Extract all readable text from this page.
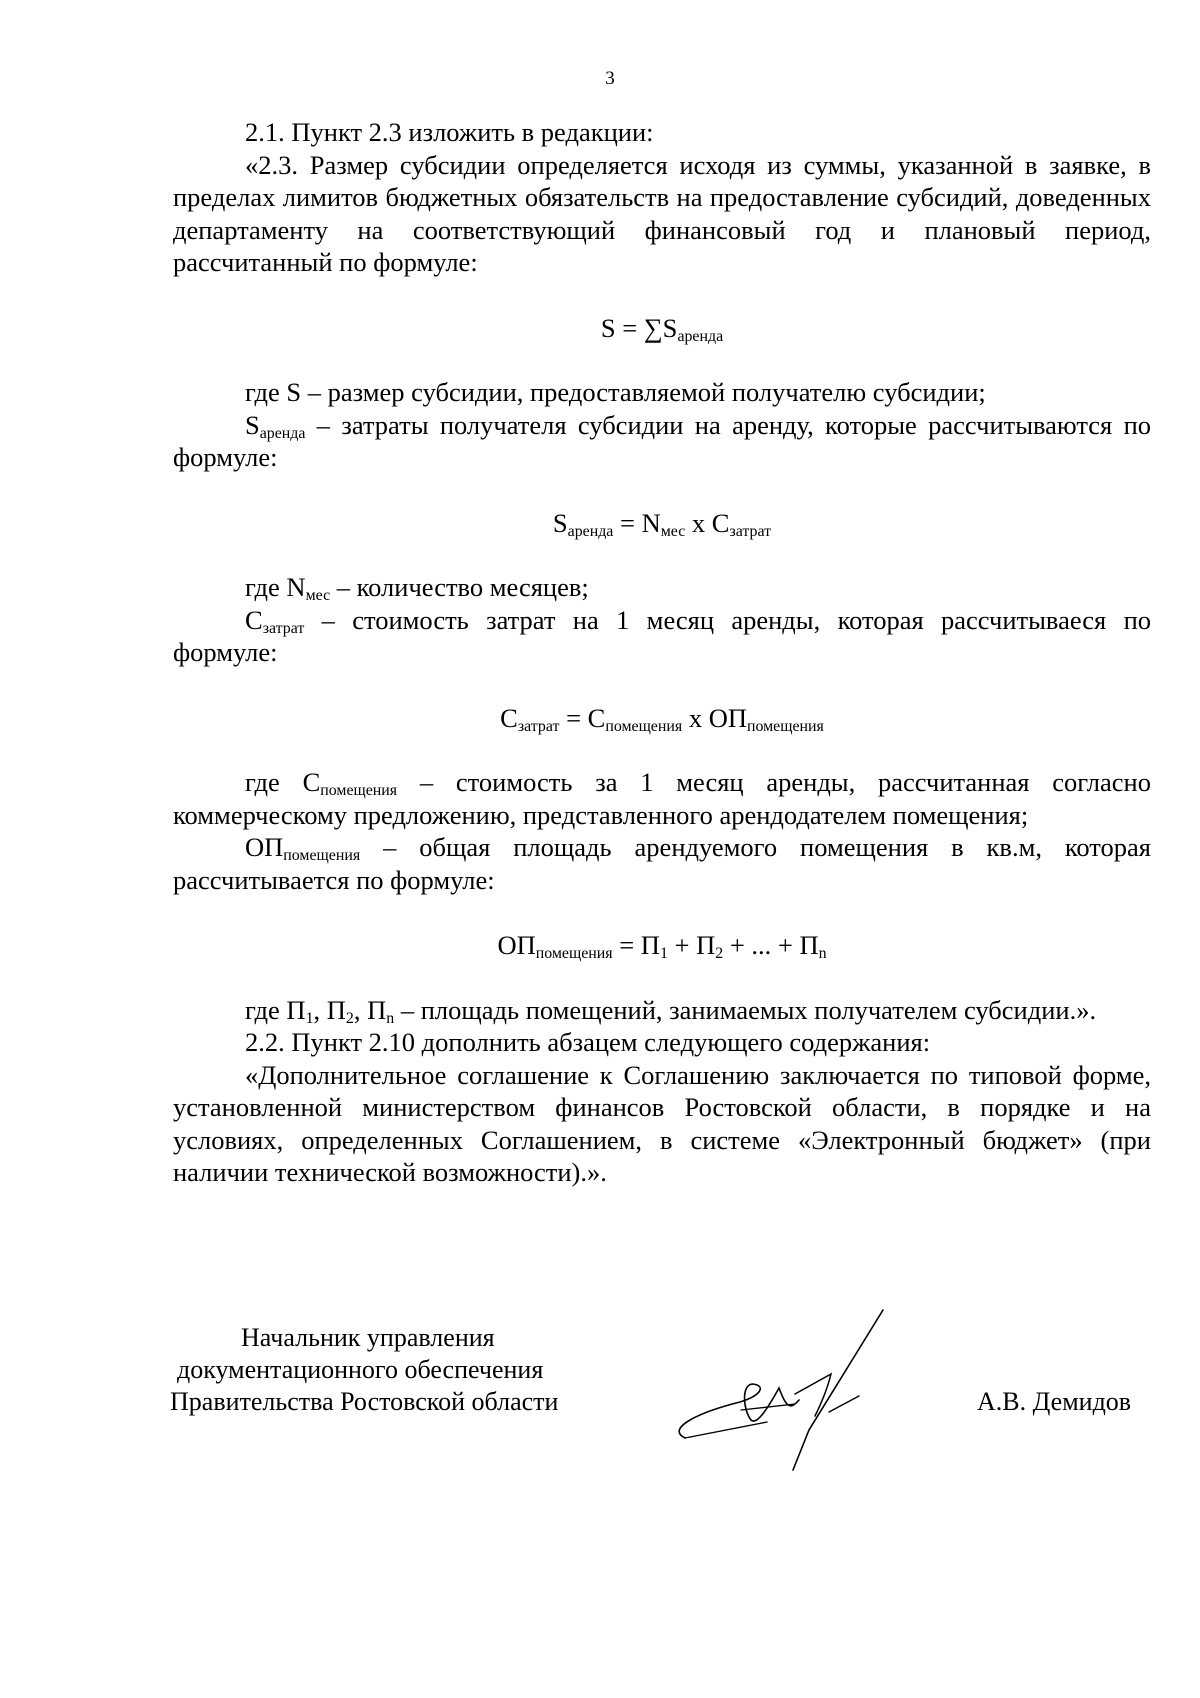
3

2.1. Пункт 2.3 изложить в редакции:

«2.3. Размер субсидии определяется исходя из суммы, указанной в заявке, в пределах лимитов бюджетных обязательств на предоставление субсидий, доведенных департаменту на соответствующий финансовый год и плановый период, рассчитанный по формуле:

$S = \sum S_{аренда}$

где S – размер субсидии, предоставляемой получателю субсидии;

$S_{аренда}$ – затраты получателя субсидии на аренду, которые рассчитываются по формуле:

$S_{аренда} = N_{мес}$ x $C_{затрат}$

где $N_{мес}$ – количество месяцев;

$C_{затрат}$ – стоимость затрат на 1 месяц аренды, которая рассчитываеся по формуле:

$C_{затрат} = C_{помещения}$ x $ОП_{помещения}$

где $C_{помещения}$ – стоимость за 1 месяц аренды, рассчитанная согласно коммерческому предложению, представленного арендодателем помещения;

$ОП_{помещения}$ – общая площадь арендуемого помещения в кв.м, которая рассчитывается по формуле:

$ОП_{помещения} = П_1 + П_2$ + ... + $П_n$

где $П_1$, $П_2$, $П_n$ – площадь помещений, занимаемых получателем субсидии.».

2.2. Пункт 2.10 дополнить абзацем следующего содержания:

«Дополнительное соглашение к Соглашению заключается по типовой форме, установленной министерством финансов Ростовской области, в порядке и на условиях, определенных Соглашением, в системе «Электронный бюджет» (при наличии технической возможности).».

Начальник управления
документационного обеспечения
Правительства Ростовской области	А.В. Демидов
